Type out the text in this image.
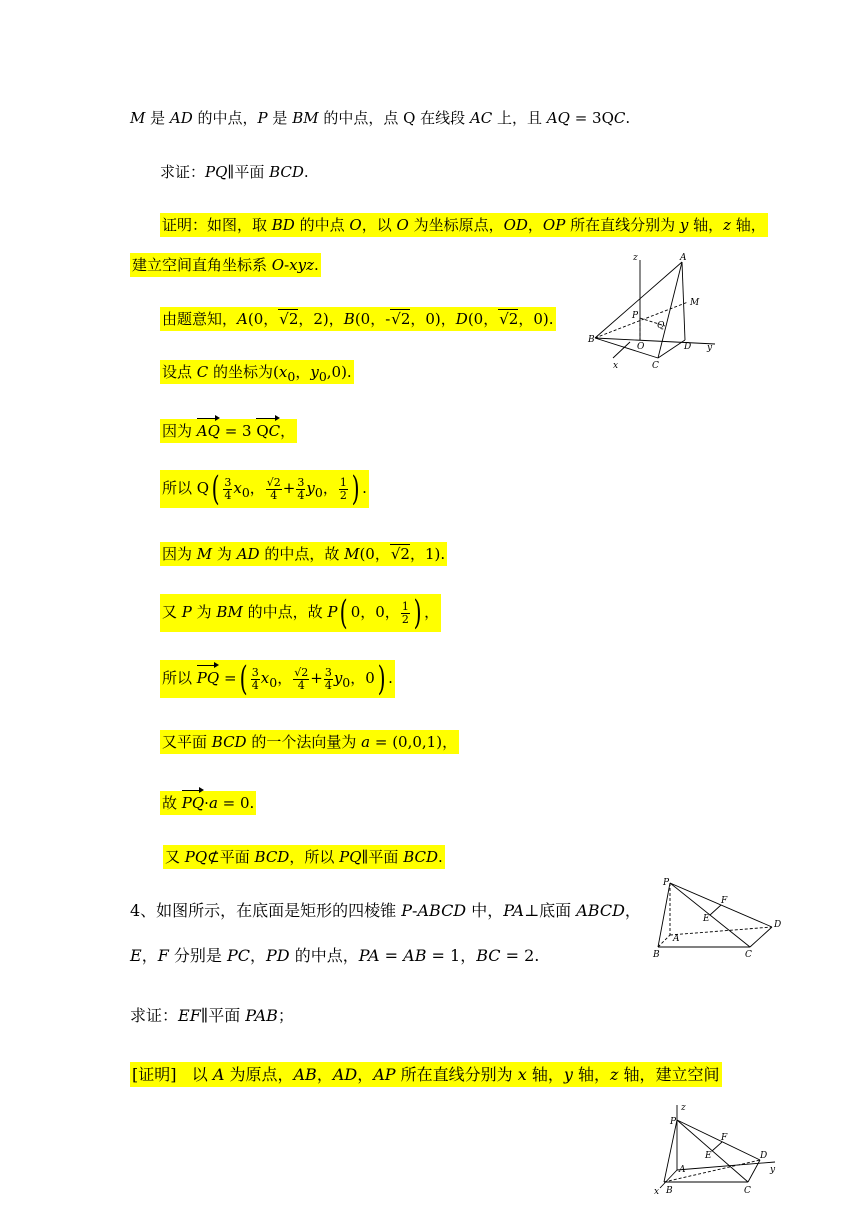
M 是 AD 的中点，P 是 BM 的中点，点 Q 在线段 AC 上，且 AQ = 3QC.
求证：PQ∥平面 BCD.
证明：如图，取 BD 的中点 O，以 O 为坐标原点，OD，OP 所在直线分别为 y 轴，z 轴，
建立空间直角坐标系 O-xyz.
由题意知，A(0，√2，2)，B(0，-√2，0)，D(0，√2，0).
设点 C 的坐标为($x_0$，$y_0,0$).
因为 AQ = 3 QC，
所以 $Q( \frac{3}{4} x_0$， $\frac{√2}{4} + \frac{3}{4} y_0$， $\frac{1}{2}$ ) .
因为 M 为 AD 的中点，故 M(0，√2，1).
又 P 为 BM 的中点，故 P( 0，0， $\frac{1}{2}$ ) ，
所以 PQ =( $\frac{3}{4} x_0$， $\frac{√2}{4} + \frac{3}{4} y_0$，0) .
又平面 BCD 的一个法向量为 a = (0,0,1)，
故 PQ·a = 0.
又 PQ⊄平面 BCD，所以 PQ∥平面 BCD.
4、如图所示，在底面是矩形的四棱锥 P-ABCD 中，PA⊥底面 ABCD，
E，F 分别是 PC，PD 的中点，PA = AB = 1，BC = 2.
求证：EF∥平面 PAB；
[证明]   以 A 为原点，AB，AD，AP 所在直线分别为 x 轴，y 轴，z 轴，建立空间
z	A
M
P
Q
B
O	D y
x	C
P
F
E
D
A
B	C
z
P
F
E	D
y
A
x B	C
